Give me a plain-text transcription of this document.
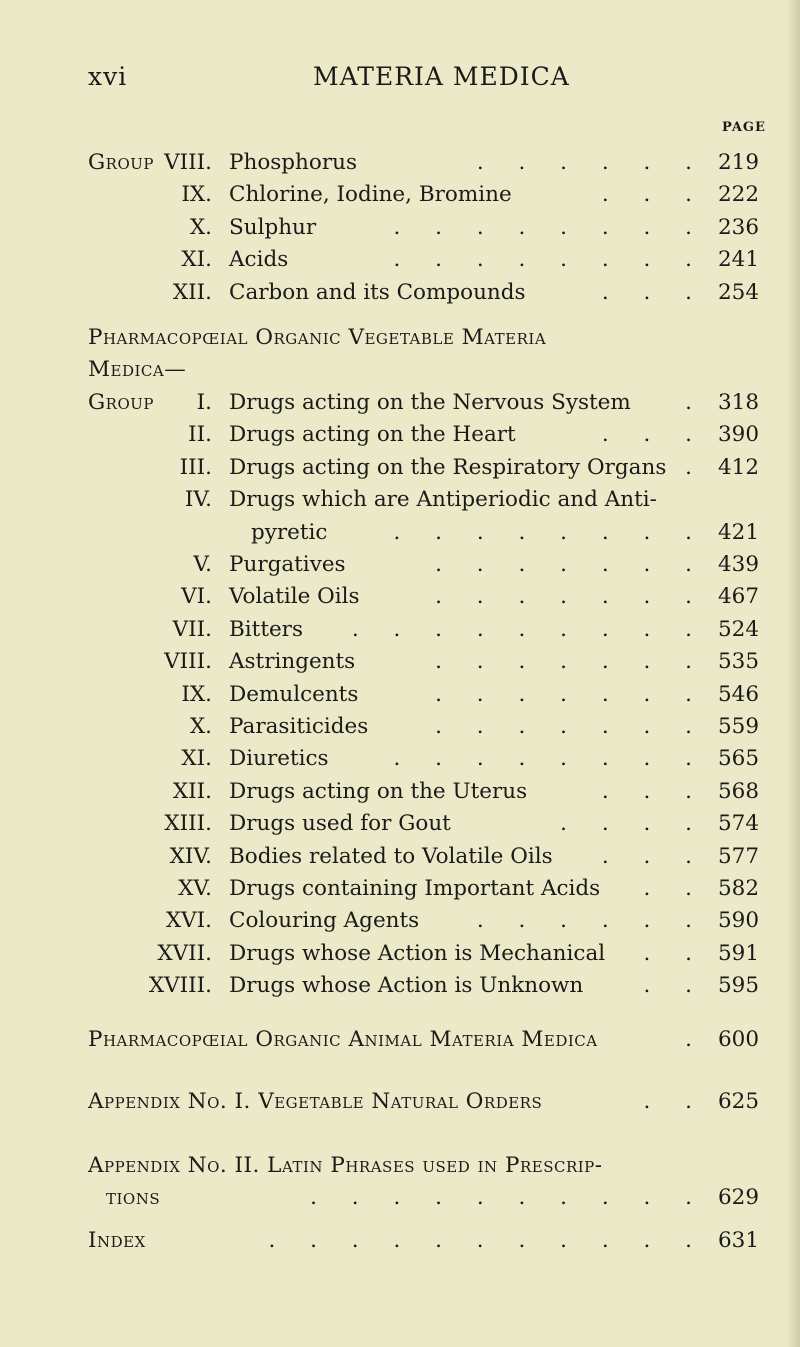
xvi	MATERIA MEDICA
PAGE
Group VIII. Phosphorus	. . . . . . 219
IX. Chlorine, Iodine, Bromine	. . . 222
X. Sulphur	. . . . . . . . 236
XI. Acids	. . . . . . . . 241
XII. Carbon and its Compounds	. . . 254
Pharmacopœial Organic Vegetable Materia
Medica—
Group I. Drugs acting on the Nervous System	. 318
II. Drugs acting on the Heart	. . . 390
III. Drugs acting on the Respiratory Organs . 412
IV. Drugs which are Antiperiodic and Anti-
pyretic	. . . . . . . . 421
V. Purgatives	. . . . . . . 439
VI. Volatile Oils	. . . . . . . 467
VII. Bitters . . . . . . . . . 524
VIII. Astringents	. . . . . . . 535
IX. Demulcents	. . . . . . . 546
X. Parasiticides	. . . . . . . 559
XI. Diuretics	. . . . . . . . 565
XII. Drugs acting on the Uterus	. . . 568
XIII. Drugs used for Gout	. . . . 574
XIV. Bodies related to Volatile Oils . . . 577
XV. Drugs containing Important Acids . . 582
XVI. Colouring Agents	. . . . . . 590
XVII. Drugs whose Action is Mechanical . . 591
XVIII. Drugs whose Action is Unknown	. . 595
Pharmacopœial Organic Animal Materia Medica	. 600
Appendix No. I. Vegetable Natural Orders	. . 625
Appendix No. II. Latin Phrases used in Prescrip-
tions	. . . . . . . . . . 629
Index	. . . . . . . . . . . 631
